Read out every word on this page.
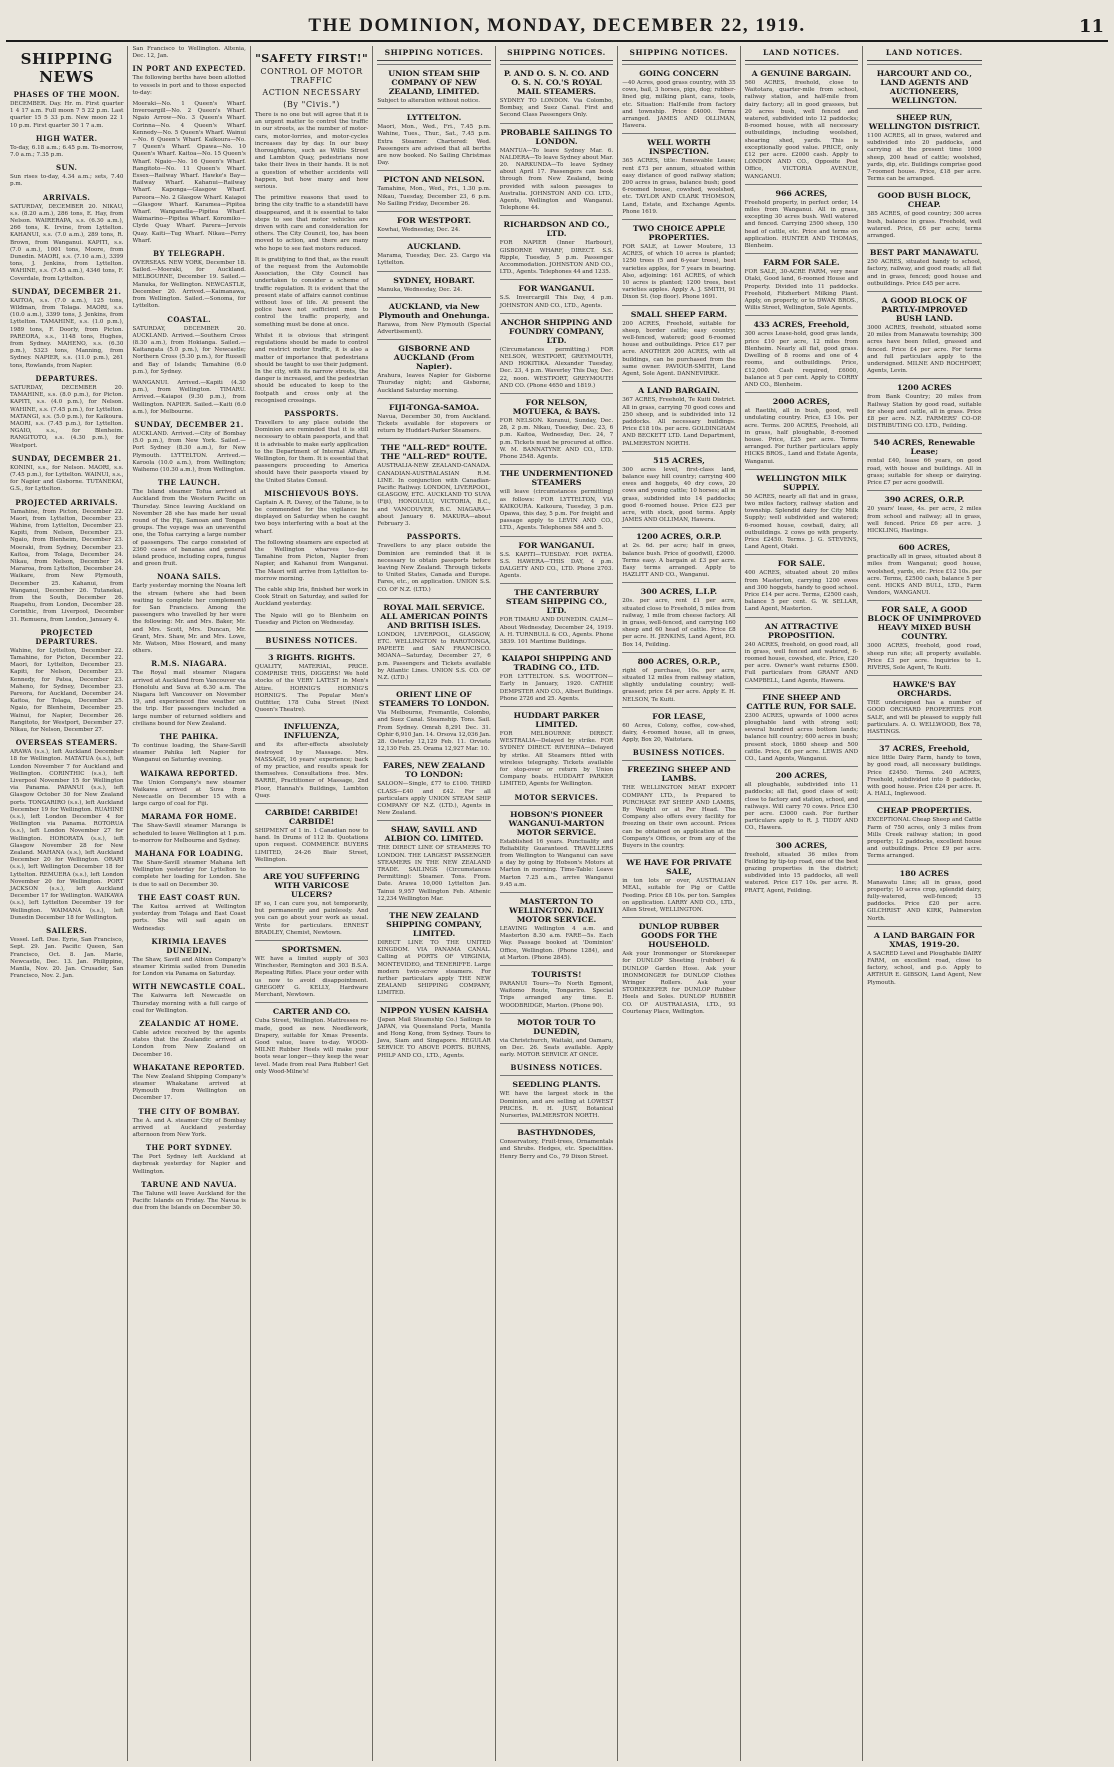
THE DOMINION, MONDAY, DECEMBER 22, 1919.	11
SHIPPING NEWS
PHASES OF THE MOON.

DECEMBER. Day. Hr. m. First quarter 1 4 17 a.m. Full moon 7 5 22 p.m. Last quarter 15 5 33 p.m. New moon 22 1 10 p.m. First quarter 30 1 7 a.m.

HIGH WATER.

To-day, 6.18 a.m.; 6.45 p.m. To-morrow, 7.0 a.m.; 7.35 p.m.

SUN.

Sun rises to-day, 4.34 a.m.; sets, 7.40 p.m.

ARRIVALS.

SATURDAY, DECEMBER 20. NIKAU, s.s. (8.20 a.m.), 286 tons, E. Hay, from Nelson. WAIRERAPA, s.s. (6.30 a.m.), 266 tons, K. Irvine, from Lyttelton. KAHANUI, s.s. (7.0 a.m.), 289 tons, R. Brown, from Wanganui. KAPITI, s.s. (7.0 a.m.), 1001 tons, Moore, from Dunedin. MAORI, s.s. (7.10 a.m.), 3399 tons, J. Jenkins, from Lyttelton. WAHINE, s.s. (7.45 a.m.), 4346 tons, F. Coverdale, from Lyttelton.

SUNDAY, DECEMBER 21.

KAITOA, s.s. (7.0 a.m.), 125 tons, Wildman, from Tolaga. MAORI, s.s. (10.0 a.m.), 3399 tons, J. Jenkins, from Lyttelton. TAMAHINE, s.s. (1.0 p.m.), 1989 tons, F. Doorly, from Picton. PAREORA, s.s., 1148 tons, Hughes, from Sydney. MAHENO, s.s. (6.30 p.m.), 5323 tons, Manning, from Sydney. NAPIER, s.s. (11.0 p.m.), 261 tons, Rowlands, from Napier.

DEPARTURES.

SATURDAY, DECEMBER 20. TAMAHINE, s.s. (8.0 p.m.), for Picton. KAPITI, s.s. (4.0 p.m.), for Nelson. WAHINE, s.s. (7.45 p.m.), for Lyttelton. MATANGI, s.s. (5.0 p.m.), for Kaikoura. MAORI, s.s. (7.45 p.m.), for Lyttelton. NGAIO, s.s., for Blenheim. RANGITOTO, s.s. (4.30 p.m.), for Westport.

SUNDAY, DECEMBER 21.

KONINI, s.s., for Nelson. MAORI, s.s. (7.45 p.m.), for Lyttelton. WAINUI, s.s., for Napier and Gisborne. TUTANEKAI, G.S., for Lyttelton.

PROJECTED ARRIVALS.

Tamahine, from Picton, December 22. Maori, from Lyttelton, December 23. Wahine, from Lyttelton, December 23. Kapiti, from Nelson, December 23. Ngaio, from Blenheim, December 23. Moeraki, from Sydney, December 23. Kaitoa, from Tolaga, December 24. Nikau, from Nelson, December 24. Mararoa, from Lyttelton, December 24. Waikare, from New Plymouth, December 25. Kahanui, from Wanganui, December 26. Tutanekai, from the South, December 26. Ruapehu, from London, December 28. Corinthic, from Liverpool, December 31. Remuera, from London, January 4.

PROJECTED DEPARTURES.

Wahine, for Lyttelton, December 22. Tamahine, for Picton, December 22. Maori, for Lyttelton, December 23. Kapiti, for Nelson, December 23. Kennedy, for Patea, December 23. Maheno, for Sydney, December 23. Pareora, for Auckland, December 24. Kaitoa, for Tolaga, December 25. Ngaio, for Blenheim, December 25. Wainui, for Napier, December 26. Rangitoto, for Westport, December 27. Nikau, for Nelson, December 27.

OVERSEAS STEAMERS.

ARAWA (s.s.), left Auckland December 18 for Wellington. MATATUA (s.s.), left London November 7 for Auckland and Wellington. CORINTHIC (s.s.), left Liverpool November 15 for Wellington via Panama. PAPANUI (s.s.), left Glasgow October 30 for New Zealand ports. TONGARIRO (s.s.), left Auckland December 19 for Wellington. RUAHINE (s.s.), left London December 4 for Wellington via Panama. ROTORUA (s.s.), left London November 27 for Wellington. HORORATA (s.s.), left Glasgow November 28 for New Zealand. MAHANA (s.s.), left Auckland December 20 for Wellington. ORARI (s.s.), left Wellington December 18 for Lyttelton. REMUERA (s.s.), left London November 20 for Wellington. PORT JACKSON (s.s.), left Auckland December 17 for Wellington. WAIKAWA (s.s.), left Lyttelton December 19 for Wellington. WAIMANA (s.s.), left Dunedin December 18 for Wellington.

SAILERS.

Vessel. Left. Due. Eyrie, San Francisco, Sept. 29. Jan. Pacific Queen, San Francisco, Oct. 8. Jan. Marie, Newcastle, Dec. 13. Jan. Philippine, Manila, Nov. 20. Jan. Crusader, San Francisco, Nov. 2. Jan.

San Francisco to Wellington. Altenia, Dec. 12, Jan.

IN PORT AND EXPECTED.

The following berths have been allotted to vessels in port and to those expected to-day:

Moeraki—No. 1 Queen's Wharf. Inveroargill—No. 2 Queen's Wharf. Ngaio Arrow—No. 3 Queen's Wharf. Corinna—No. 4 Queen's Wharf. Kennedy—No. 5 Queen's Wharf. Wainui—No. 6 Queen's Wharf. Kaikoura—No. 7 Queen's Wharf. Opawa—No. 10 Queen's Wharf. Kaitoa—No. 15 Queen's Wharf. Ngaio—No. 16 Queen's Wharf. Rangitoto—No. 11 Queen's Wharf. Essex—Railway Wharf. Hawke's Bay—Railway Wharf. Kahanui—Railway Wharf. Kaponga—Glasgow Wharf. Pareora—No. 2 Glasgow Wharf. Kaiapoi—Glasgow Wharf. Karamea—Pipitea Wharf. Wanganella—Pipitea Wharf. Waimarino—Pipitea Wharf. Koromiko—Clyde Quay Wharf. Parera—Jervois Quay. Kaiti—Tug Wharf. Nikau—Ferry Wharf.

BY TELEGRAPH.

OVERSEAS. NEW YORK, December 18. Sailed.—Moeraki, for Auckland. MELBOURNE, December 19. Sailed.—Manuka, for Wellington. NEWCASTLE, December 20. Arrived.—Kaimanawa, from Wellington. Sailed.—Sonoma, for Lyttelton.

COASTAL.

SATURDAY, DECEMBER 20. AUCKLAND. Arrived.—Southern Cross (8.30 a.m.), from Hokianga. Sailed.—Kaitangata (5.0 p.m.), for Newcastle; Northern Cross (5.30 p.m.), for Russell and Bay of Islands; Tamahine (6.0 p.m.), for Sydney.

WANGANUI. Arrived.—Kapiti (4.30 p.m.), from Wellington. TIMARU. Arrived.—Kaiapoi (9.30 p.m.), from Wellington. NAPIER. Sailed.—Kaiti (6.0 a.m.), for Melbourne.

SUNDAY, DECEMBER 21.

AUCKLAND. Arrived.—City of Bombay (5.0 p.m.), from New York. Sailed.—Port Sydney (8.30 a.m.), for New Plymouth. LYTTELTON. Arrived.—Karoola (10.0 a.m.), from Wellington; Waihemo (10.30 a.m.), from Wellington.

THE LAUNCH.

The Island steamer Tofua arrived at Auckland from the Western Pacific on Thursday. Since leaving Auckland on November 28 she has made her usual round of the Fiji, Samoan and Tongan groups. The voyage was an uneventful one, the Tofua carrying a large number of passengers. The cargo consisted of 2360 cases of bananas and general island produce, including copra, fungus and green fruit.

NOANA SAILS.

Early yesterday morning the Noana left the stream (where she had been waiting to complete her complement) for San Francisco. Among the passengers who travelled by her were the following: Mr. and Mrs. Baker, Mr. and Mrs. Scott, Mrs. Duncan, Mr. Grant, Mrs. Shaw, Mr. and Mrs. Lowe, Mr. Watson, Miss Howard, and many others.

R.M.S. NIAGARA.

The Royal mail steamer Niagara arrived at Auckland from Vancouver via Honolulu and Suva at 6.30 a.m. The Niagara left Vancouver on November 19, and experienced fine weather on the trip. Her passengers included a large number of returned soldiers and civilians bound for New Zealand.

THE PAHIKA.

To continue loading, the Shaw-Savill steamer Pahika left Napier for Wanganui on Saturday evening.

WAIKAWA REPORTED.

The Union Company's new steamer Waikawa arrived at Suva from Newcastle on December 15 with a large cargo of coal for Fiji.

MARAMA FOR HOME.

The Shaw-Savill steamer Maranga is scheduled to leave Wellington at 1 p.m. to-morrow for Melbourne and Sydney.

MAHANA FOR LOADING.

The Shaw-Savill steamer Mahana left Wellington yesterday for Lyttelton to complete her loading for London. She is due to sail on December 30.

THE EAST COAST RUN.

The Kaitoa arrived at Wellington yesterday from Tolaga and East Coast ports. She will sail again on Wednesday.

KIRIMIA LEAVES DUNEDIN.

The Shaw, Savill and Albion Company's steamer Kirimia sailed from Dunedin for London via Panama on Saturday.

WITH NEWCASTLE COAL.

The Kaiwarra left Newcastle on Thursday morning with a full cargo of coal for Wellington.

ZEALANDIC AT HOME.

Cable advice received by the agents states that the Zealandic arrived at London from New Zealand on December 16.

WHAKATANE REPORTED.

The New Zealand Shipping Company's steamer Whakatane arrived at Plymouth from Wellington on December 17.

THE CITY OF BOMBAY.

The A. and A. steamer City of Bombay arrived at Auckland yesterday afternoon from New York.

THE PORT SYDNEY.

The Port Sydney left Auckland at daybreak yesterday for Napier and Wellington.

TARUNE AND NAVUA.

The Talune will leave Auckland for the Pacific Islands on Friday. The Navua is due from the Islands on December 30.

"SAFETY FIRST!"
CONTROL OF MOTOR TRAFFIC
ACTION NECESSARY
(By "Civis.")

There is no one but will agree that it is an urgent matter to control the traffic in our streets, as the number of motor-cars, motor-lorries, and motor-cycles increases day by day. In our busy thoroughfares, such as Willis Street and Lambton Quay, pedestrians now take their lives in their hands. It is not a question of whether accidents will happen, but how many and how serious.

The primitive reasons that used to bring the city traffic to a standstill have disappeared, and it is essential to take steps to see that motor vehicles are driven with care and consideration for others. The City Council, too, has been moved to action, and there are many who hope to see fast motors reduced.

It is gratifying to find that, as the result of the request from the Automobile Association, the City Council has undertaken to consider a scheme of traffic regulation. It is evident that the present state of affairs cannot continue without loss of life. At present the police have not sufficient men to control the traffic properly, and something must be done at once.

Whilst it is obvious that stringent regulations should be made to control and restrict motor traffic, it is also a matter of importance that pedestrians should be taught to use their judgment. In the city, with its narrow streets, the danger is increased, and the pedestrian should be educated to keep to the footpath and cross only at the recognised crossings.

PASSPORTS.

Travellers to any place outside the Dominion are reminded that it is still necessary to obtain passports, and that it is advisable to make early application to the Department of Internal Affairs, Wellington, for them. It is essential that passengers proceeding to America should have their passports visaed by the United States Consul.

MISCHIEVOUS BOYS.

Captain A. R. Davey, of the Talune, is to be commended for the vigilance he displayed on Saturday when he caught two boys interfering with a boat at the wharf.

The following steamers are expected at the Wellington wharves to-day: Tamahine from Picton, Napier from Napier, and Kahanui from Wanganui. The Maori will arrive from Lyttelton to-morrow morning.

The cable ship Iris, finished her work in Cook Strait on Saturday, and sailed for Auckland yesterday.

The Ngaio will go to Blenheim on Tuesday and Picton on Wednesday.

BUSINESS NOTICES.
3 RIGHTS. RIGHTS.
QUALITY, MATERIAL, PRICE. COMPRISE THIS, DIGGERS! We hold stocks of the VERY LATEST in Men's Attire. HORNIG'S HORNIG'S HORNIG'S. The Popular Men's Outfitter, 178 Cuba Street (Next Queen's Theatre).
INFLUENZA, INFLUENZA,
and its after-effects absolutely destroyed by Massage. Mrs. MASSAGE, 16 years' experience; back of my practice, and results speak for themselves. Consultations free. Mrs. BARRE, Practitioner of Massage, 2nd Floor, Hannah's Buildings, Lambton Quay.
CARBIDE! CARBIDE! CARBIDE!
SHIPMENT of 1 in. 1 Canadian now to hand. In Drums of 112 lb. Quotations upon request. COMMERCE BUYERS LIMITED, 24-26 Blair Street, Wellington.
ARE YOU SUFFERING WITH VARICOSE ULCERS?
IF so, I can cure you, not temporarily, but permanently and painlessly. And you can go about your work as usual. Write for particulars. ERNEST BRADLEY, Chemist, Newtown.
SPORTSMEN.
WE have a limited supply of 303 Winchester, Remington and 303 B.S.A. Repeating Rifles. Place your order with us now to avoid disappointment. GREGORY G. KELLY, Hardware Merchant, Newtown.
CARTER AND CO.
Cuba Street, Wellington. Mattresses re-made, good as new. Needlework, Drapery, suitable for Xmas Presents. Good value, leave to-day. WOOD-MILNE Rubber Heels will make your boots wear longer—they keep the wear level. Made from real Para Rubber! Get only Wood-Milne's!
SHIPPING NOTICES.
UNION STEAM SHIP COMPANY OF NEW ZEALAND, LIMITED.
Subject to alteration without notice.
LYTTELTON.
Maori, Mon., Wed., Fri., 7.45 p.m. Wahine, Tues., Thur., Sat., 7.45 p.m. Extra Steamer: Chartered: Wed. Passengers are advised that all berths are now booked. No Sailing Christmas Day.
PICTON AND NELSON.
Tamahine, Mon., Wed., Fri., 1.30 p.m. Nikau, Tuesday, December 23, 6 p.m. No Sailing Friday, December 26.
FOR WESTPORT.
Kowhai, Wednesday, Dec. 24.
AUCKLAND.
Marama, Tuesday, Dec. 23. Cargo via Lyttelton.
SYDNEY, HOBART.
Manuka, Wednesday, Dec. 24.
AUCKLAND, via New Plymouth and Onehunga.
Rarawa, from New Plymouth (Special Advertisement).
GISBORNE AND AUCKLAND (From Napier).
Arahura, leaves Napier for Gisborne Thursday night; and Gisborne, Auckland Saturday morning.
FIJI-TONGA-SAMOA.
Navua, December 30, from Auckland. Tickets available for stopovers or return by Huddart-Parker Steamers.
THE "ALL-RED" ROUTE. THE "ALL-RED" ROUTE.
AUSTRALIA-NEW ZEALAND-CANADA. CANADIAN-AUSTRALASIAN R.M. LINE. In conjunction with Canadian-Pacific Railway. LONDON, LIVERPOOL, GLASGOW, ETC. AUCKLAND TO SUVA (Fiji), HONOLULU, VICTORIA, B.C., and VANCOUVER, B.C. NIAGARA—about January 6. MAKURA—about February 3.
PASSPORTS.

Travellers to any place outside the Dominion are reminded that it is necessary to obtain passports before leaving New Zealand. Through tickets to United States, Canada and Europe. Fares, etc., on application. UNION S.S. CO. OF N.Z. (LTD.)

ROYAL MAIL SERVICE. ALL AMERICAN POINTS AND BRITISH ISLES.
LONDON, LIVERPOOL, GLASGOW, ETC. WELLINGTON to RAROTONGA, PAPEETE and SAN FRANCISCO. MOANA—Saturday, December 27, 6 p.m. Passengers and Tickets available by Atlantic Lines. UNION S.S. CO. OF N.Z. (LTD.)
ORIENT LINE OF STEAMERS TO LONDON.
Via Melbourne, Fremantle, Colombo, and Suez Canal. Steamship. Tons. Sail. From Sydney. Omrah 8,291 Dec. 31. Ophir 6,910 Jan. 14. Orsova 12,036 Jan. 28. Osterley 12,129 Feb. 11. Orvieto 12,130 Feb. 25. Orama 12,927 Mar. 10.
FARES, NEW ZEALAND TO LONDON:
SALOON—Single, £77 to £100. THIRD CLASS—£40 and £42. For all particulars apply UNION STEAM SHIP COMPANY OF N.Z. (LTD.), Agents in New Zealand.
SHAW, SAVILL AND ALBION CO. LIMITED.
THE DIRECT LINE OF STEAMERS TO LONDON. THE LARGEST PASSENGER STEAMERS IN THE NEW ZEALAND TRADE. SAILINGS (Circumstances Permitting): Steamer. Tons. From. Date. Arawa 10,000 Lyttelton Jan. Tainui 9,957 Wellington Feb. Athenic 12,234 Wellington Mar.
THE NEW ZEALAND SHIPPING COMPANY, LIMITED.
DIRECT LINE TO THE UNITED KINGDOM. VIA PANAMA CANAL. Calling at PORTS OF VIRGINIA, MONTEVIDEO, and TENERIFFE. Large modern twin-screw steamers. For further particulars apply THE NEW ZEALAND SHIPPING COMPANY, LIMITED.
NIPPON YUSEN KAISHA
(Japan Mail Steamship Co.) Sailings to JAPAN, via Queensland Ports, Manila and Hong Kong, from Sydney. Tours to Java, Siam and Singapore. REGULAR SERVICE TO ABOVE PORTS. BURNS, PHILP AND CO., LTD., Agents.
SHIPPING NOTICES.
P. AND O. S. N. CO. AND O. S. N. CO.'S ROYAL MAIL STEAMERS.
SYDNEY TO LONDON. Via Colombo, Bombay, and Suez Canal. First and Second Class Passengers Only.
PROBABLE SAILINGS TO LONDON.
MANTUA—To leave Sydney Mar. 6. NALDERA—To leave Sydney about Mar. 20. NARKUNDA—To leave Sydney about April 17. Passengers can book through from New Zealand, being provided with saloon passages to Australia. JOHNSTON AND CO. LTD., Agents, Wellington and Wanganui. Telephone 44.
RICHARDSON AND CO., LTD.
FOR NAPIER (Inner Harbour), GISBORNE WHARF, DIRECT. S.S. Ripple, Tuesday, 5 p.m. Passenger Accommodation. JOHNSTON AND CO., LTD., Agents. Telephones 44 and 1235.
FOR WANGANUI.
S.S. Invercargill This Day, 4 p.m. JOHNSTON AND CO., LTD., Agents.
ANCHOR SHIPPING AND FOUNDRY COMPANY, LTD.
(Circumstances permitting.) FOR NELSON, WESTPORT, GREYMOUTH, AND HOKITIKA. Alexander Tuesday, Dec. 23, 4 p.m. Waverley This Day, Dec. 22, noon. WESTPORT, GREYMOUTH AND CO. (Phone 4650 and 1819.)
FOR NELSON, MOTUEKA, & BAYS.
FOR NELSON. Koranui, Sunday, Dec. 28, 2 p.m. Nikau, Tuesday, Dec. 23, 6 p.m. Kaitoa, Wednesday, Dec. 24, 7 p.m. Tickets must be procured at office. W. M. BANNATYNE AND CO., LTD. Phone 2548. Agents.
THE UNDERMENTIONED STEAMERS
will leave (circumstances permitting) as follows: FOR LYTTELTON, VIA KAIKOURA. Kaikoura, Tuesday, 3 p.m. Opawa, this day, 5 p.m. For freight and passage apply to LEVIN AND CO., LTD., Agents. Telephones 584 and 5.
FOR WANGANUI.
S.S. KAPITI—TUESDAY. FOR PATEA. S.S. HAWERA—THIS DAY, 4 p.m. DALGETY AND CO., LTD. Phone 2703. Agents.
THE CANTERBURY STEAM SHIPPING CO., LTD.
FOR TIMARU AND DUNEDIN. CALM—About Wednesday, December 24, 1919. A. H. TURNBULL & CO., Agents. Phone 3839. 101 Maritime Buildings.
KAIAPOI SHIPPING AND TRADING CO., LTD.
FOR LYTTELTON. S.S. WOOTTON—Early in January, 1920. CATHIE DEMPSTER AND CO., Albert Buildings. Phone 2726 and 25. Agents.
HUDDART PARKER LIMITED.
FOR MELBOURNE DIRECT. WESTRALIA—Delayed by strike. FOR SYDNEY DIRECT. RIVERINA—Delayed by strike. All Steamers fitted with wireless telegraphy. Tickets available for stop-over or return by Union Company boats. HUDDART PARKER LIMITED, Agents for Wellington.
MOTOR SERVICES.
HOBSON'S PIONEER WANGANUI-MARTON MOTOR SERVICE.
Established 16 years. Punctuality and Reliability Guaranteed. TRAVELLERS from Wellington to Wanganui can save a day by going by Hobson's Motors at Marton in morning. Time-Table: Leave Marton 7.25 a.m., arrive Wanganui 9.45 a.m.
MASTERTON TO WELLINGTON. DAILY MOTOR SERVICE.
LEAVING Wellington 4 a.m. and Masterton 8.30 a.m. FARE—5s. Each Way. Passage booked at 'Dominion' Office, Wellington. (Phone 1284), and at Marton. (Phone 2845).
TOURISTS!
PARANUI Tours—To North Egmont, Waitomo Route, Tongariro. Special Trips arranged any time. E. WOODBRIDGE, Marton. (Phone 90).
MOTOR TOUR TO DUNEDIN,
via Christchurch, Waitaki, and Oamaru, on Dec. 26. Seats available. Apply early. MOTOR SERVICE AT ONCE.
BUSINESS NOTICES.
SEEDLING PLANTS.
WE have the largest stock in the Dominion, and are selling at LOWEST PRICES. R. H. JUST, Botanical Nurseries, PALMERSTON NORTH.
BASTHYDNODES,
Conservatory, Fruit-trees, Ornamentals and Shrubs. Hedges, etc. Specialities. Henry Berry and Co., 79 Dixon Street.
SHIPPING NOTICES.
GOING CONCERN
—40 Acres, good grass country, with 35 cows, bail, 3 horses, pigs, dog; rubber-lined gig, milking plant, cans, tools, etc. Situation: Half-mile from factory and township. Price £4000. Terms arranged. JAMES AND OLLIMAN, Hawera.
WELL WORTH INSPECTION.
365 ACRES, title: Renewable Lease; rent £73 per annum, situated within easy distance of good railway station; 200 acres in grass, balance bush; good 6-roomed house, cowshed, woolshed, etc. TAYLOR AND CLARK THOMSON, Land, Estate, and Exchange Agents. Phone 1619.
TWO CHOICE APPLE PROPERTIES.
FOR SALE, at Lower Moutere, 13 ACRES, of which 10 acres is planted; 1250 trees (5 and 6-year trees), best varieties apples, for 7 years in bearing. Also, adjoining: 161 ACRES, of which 10 acres is planted; 1200 trees, best varieties apples. Apply A. J. SMITH, 91 Dixon St. (top floor). Phone 1691.
SMALL SHEEP FARM.
200 ACRES, Freehold, suitable for sheep, border cattle; easy country; well-fenced, watered; good 6-roomed house and outbuildings. Price £17 per acre. ANOTHER 200 ACRES, with all buildings, can be purchased from the same owner. PAVIOUR-SMITH, Land Agent, Sole Agent. DANNEVIRKE.
A LAND BARGAIN.
367 ACRES, Freehold, Te Kuiti District. All in grass, carrying 70 good cows and 250 sheep, and is subdivided into 12 paddocks. All necessary buildings. Price £18 10s. per acre. GOLDINGHAM AND BECKETT LTD. Land Department, PALMERSTON NORTH.
515 ACRES,
300 acres level, first-class land, balance easy hill country; carrying 400 ewes and hoggets, 40 dry cows, 20 cows and young cattle; 10 horses; all in grass, subdivided into 14 paddocks; good 6-roomed house. Price £23 per acre, with stock, good terms. Apply JAMES AND OLLIMAN, Hawera.
1200 ACRES, O.R.P.
at 2s. 6d. per acre; half in grass, balance bush. Price of goodwill, £2000. Terms easy. A bargain at £3 per acre. Easy terms arranged. Apply to HAZLITT AND CO., Wanganui.
300 ACRES, L.I.P.
20s. per acre, rent £1 per acre, situated close to Freehold, 5 miles from railway, 1 mile from cheese factory. All in grass, well-fenced, and carrying 160 sheep and 60 head of cattle. Price £8 per acre. H. JENKINS, Land Agent, P.O. Box 14, Feilding.
800 ACRES, O.R.P.,
right of purchase, 10s. per acre, situated 12 miles from railway station, slightly undulating country; well-grassed; price £4 per acre. Apply E. H. NELSON, Te Kuiti.
FOR LEASE,
60 Acres, Colony, coffee, cow-shed, dairy, 4-roomed house, all in grass, Apply, Box 20, Waitotara.
BUSINESS NOTICES.
FREEZING SHEEP AND LAMBS.
THE WELLINGTON MEAT EXPORT COMPANY LTD., Is Prepared to PURCHASE FAT SHEEP AND LAMBS, By Weight or at Per Head. The Company also offers every facility for freezing on their own account. Prices can be obtained on application at the Company's Offices, or from any of the Buyers in the country.
WE HAVE FOR PRIVATE SALE,
in ton lots or over, AUSTRALIAN MEAL, suitable for Pig or Cattle Feeding. Price £8 10s. per ton. Samples on application. LARRY AND CO., LTD., Allen Street, WELLINGTON.
DUNLOP RUBBER GOODS FOR THE HOUSEHOLD.
Ask your Ironmonger or Storekeeper for DUNLOP Sheeting (rubber) & DUNLOP Garden Hose. Ask your IRONMONGER for DUNLOP Clothes Wringer Rollers. Ask your STOREKEEPER for DUNLOP Rubber Heels and Soles. DUNLOP RUBBER CO. OF AUSTRALASIA, LTD., 93 Courtenay Place, Wellington.
LAND NOTICES.
A GENUINE BARGAIN.
560 ACRES, freehold, close to Waitotara, quarter-mile from school, railway station, and half-mile from dairy factory; all in good grasses, but 20 acres bush, well fenced and watered, subdivided into 12 paddocks; 8-roomed house, with all necessary outbuildings, including woolshed, shearing shed, yards. This is exceptionally good value. PRICE, only £12 per acre. £2000 cash. Apply to LONDON AND CO., Opposite Post Office, VICTORIA AVENUE, WANGANUI.
966 ACRES,
Freehold property, in perfect order, 14 miles from Wanganui. All in grass, excepting 30 acres bush. Well watered and fenced. Carrying 2500 sheep, 150 head of cattle, etc. Price and terms on application. HUNTER AND THOMAS, Blenheim.
FARM FOR SALE.
FOR SALE, 30-ACRE FARM, very near Otaki, Good land, 6-roomed House and Property. Divided into 11 paddocks. Freehold, Fitzherbert Milking Plant. Apply, on property, or to DWAN BROS., Willis Street, Wellington, Sole Agents.
433 ACRES, Freehold,
300 acres Lease-hold, good gras lands, price £10 per acre, 12 miles from Blenheim. Nearly all flat, good grass. Dwelling of 8 rooms and one of 4 rooms, and outbuildings. Price, £12,000. Cash required, £6000, balance at 5 per cent. Apply to CORRY AND CO., Blenheim.
2000 ACRES,
at Raetihi, all in bush, good, well undulating country. Price, £3 10s. per acre. Terms. 200 ACRES, Freehold, all in grass, half ploughable, 8-roomed house. Price, £25 per acre. Terms arranged. For further particulars apply HICKS BROS., Land and Estate Agents, Wanganui.
WELLINGTON MILK SUPPLY.
50 ACRES, nearly all flat and in grass, two miles factory, railway station and township. Splendid dairy for City Milk Supply; well subdivided and watered; 6-roomed house, cowbail, dairy, all outbuildings. 2 cows go with property. Price £2450. Terms. J. G. STEVENS, Land Agent, Otaki.
FOR SALE.
400 ACRES, situated about 20 miles from Masterton, carrying 1200 ewes and 300 hoggets, handy to good school. Price £14 per acre. Terms, £2500 cash, balance 5 per cent. G. W. SELLAR, Land Agent, Masterton.
AN ATTRACTIVE PROPOSITION.
240 ACRES, freehold, on good road, all in grass, well fenced and watered, 6-roomed house, cowshed, etc. Price, £20 per acre. Owner's want returns £500. Full particulars from GRANT AND CAMPBELL, Land Agents, Hawera.
FINE SHEEP AND CATTLE RUN, FOR SALE.
2300 ACRES, upwards of 1000 acres ploughable land with strong soil; several hundred acres bottom lands; balance hill country; 600 acres in bush; present stock, 1860 sheep and 500 cattle. Price, £6 per acre. LEWIS AND CO., Land Agents, Wanganui.
200 ACRES,
all ploughable, subdivided into 11 paddocks; all flat, good class of soil; close to factory and station, school, and railways. Will carry 70 cows. Price £30 per acre. £3000 cash. For further particulars apply to R. J. TIDDY AND CO., Hawera.
300 ACRES,
freehold, situated 36 miles from Feilding by tip-top road, one of the best grazing properties in the district; subdivided into 15 paddocks, all well watered. Price £17 10s. per acre. R. PRATT, Agent, Feilding.
LAND NOTICES.
HARCOURT AND CO., LAND AGENTS AND AUCTIONEERS, WELLINGTON.
SHEEP RUN, WELLINGTON DISTRICT.
1100 ACRES, all in grass, watered and subdivided into 20 paddocks, and carrying at the present time 1000 sheep, 200 head of cattle; woolshed, yards, dip, etc. Buildings comprise good 7-roomed house. Price, £18 per acre. Terms can be arranged.
GOOD BUSH BLOCK, CHEAP.
385 ACRES, of good country; 300 acres bush, balance in grass. Freehold, well watered. Price, £6 per acre; terms arranged.
BEST PART MANAWATU.
250 ACRES, situated handy to school, factory, railway, and good roads; all flat and in grass, fenced; good house and outbuildings. Price £45 per acre.
A GOOD BLOCK OF PARTLY-IMPROVED BUSH LAND.
3000 ACRES, freehold, situated some 20 miles from Manawatu township; 300 acres have been felled, grassed and fenced. Price £4 per acre. For terms and full particulars apply to the undersigned. MILNE AND ROCHFORT, Agents, Levin.
1200 ACRES
from Bank Country; 20 miles from Railway Station by good road, suitable for sheep and cattle, all in grass. Price £8 per acre. N.Z. FARMERS' CO-OP. DISTRIBUTING CO. LTD., Feilding.
540 ACRES, Renewable Lease;
rental £40, lease 66 years, on good road, with house and buildings. All in grass; suitable for sheep or dairying. Price £7 per acre goodwill.
390 ACRES, O.R.P.
20 years' lease, 4s. per acre, 2 miles from school and railway; all in grass, well fenced. Price £6 per acre. J. HICKLING, Hastings.
600 ACRES,
practically all in grass, situated about 8 miles from Wanganui; good house, woolshed, yards, etc. Price £12 10s. per acre. Terms, £2500 cash, balance 5 per cent. HICKS AND BULL, LTD., Farm Vendors, WANGANUI.
FOR SALE, A GOOD BLOCK OF UNIMPROVED HEAVY MIXED BUSH COUNTRY.
3000 ACRES, freehold, good road, sheep run site; all property available. Price £3 per acre. Inquiries to L. RIVERS, Sole Agent, Te Kuiti.
HAWKE'S BAY ORCHARDS.
THE undersigned has a number of GOOD ORCHARD PROPERTIES FOR SALE, and will be pleased to supply full particulars. A. O. WELLWOOD, Box 78, HASTINGS.
37 ACRES, Freehold,
nice little Dairy Farm, handy to town, by good road, all necessary buildings. Price £2450. Terms. 240 ACRES, Freehold, subdivided into 8 paddocks, with good house. Price £24 per acre. R. A. HALL, Inglewood.
CHEAP PROPERTIES.
EXCEPTIONAL Cheap Sheep and Cattle Farm of 750 acres, only 3 miles from Mills Creek railway station; in good property; 12 paddocks, excellent house and outbuildings. Price £9 per acre. Terms arranged.
180 ACRES
Manawatu Line; all in grass, good property; 10 acres crop, splendid dairy, fully-watered, well-fenced; 15 paddocks. Price £20 per acre. GILCHRIST AND KIRK, Palmerston North.
A LAND BARGAIN FOR XMAS, 1919-20.
A SACRED Level and Ploughable DAIRY FARM, on excellent road, close to factory, school, and p.o. Apply to ARTHUR E. GIBSON, Land Agent, New Plymouth.
